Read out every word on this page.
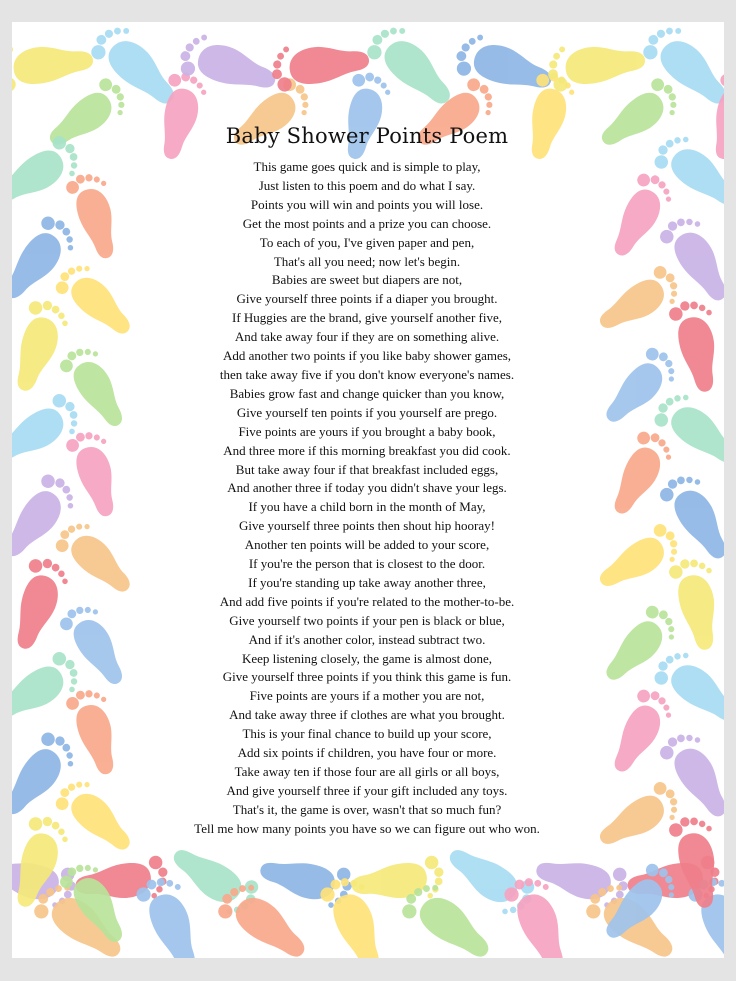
Baby Shower Points Poem
This game goes quick and is simple to play,
Just listen to this poem and do what I say.
Points you will win and points you will lose.
Get the most points and a prize you can choose.
To each of you, I've given paper and pen,
That's all you need; now let's begin.
Babies are sweet but diapers are not,
Give yourself three points if a diaper you brought.
If Huggies are the brand, give yourself another five,
And take away four if they are on something alive.
Add another two points if you like baby shower games,
then take away five if you don't know everyone's names.
Babies grow fast and change quicker than you know,
Give yourself ten points if you yourself are prego.
Five points are yours if you brought a baby book,
And three more if this morning breakfast you did cook.
But take away four if that breakfast included eggs,
And another three if today you didn't shave your legs.
If you have a child born in the month of May,
Give yourself three points then shout hip hooray!
Another ten points will be added to your score,
If you're the person that is closest to the door.
If you're standing up take away another three,
And add five points if you're related to the mother-to-be.
Give yourself two points if your pen is black or blue,
And if it's another color, instead subtract two.
Keep listening closely, the game is almost done,
Give yourself three points if you think this game is fun.
Five points are yours if a mother you are not,
And take away three if clothes are what you brought.
This is your final chance to build up your score,
Add six points if children, you have four or more.
Take away ten if those four are all girls or all boys,
And give yourself three if your gift included any toys.
That's it, the game is over, wasn't that so much fun?
Tell me how many points you have so we can figure out who won.
